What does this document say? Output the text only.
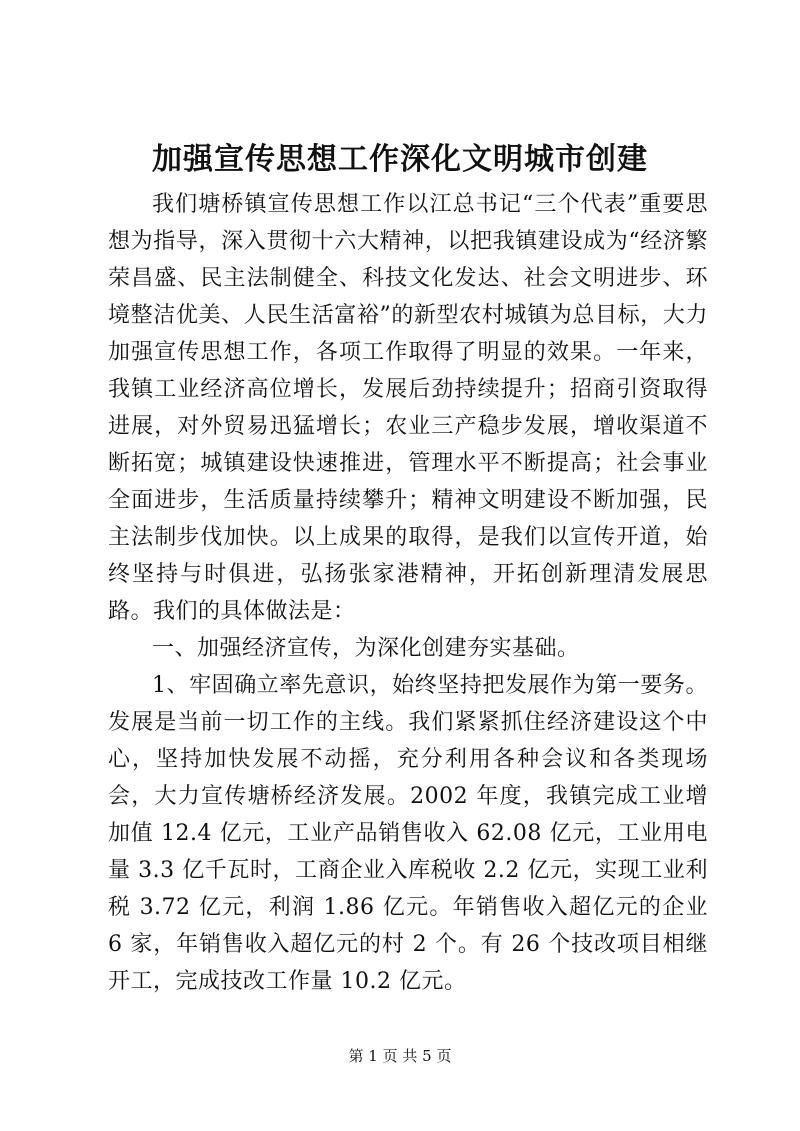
加强宣传思想工作深化文明城市创建

我们塘桥镇宣传思想工作以江总书记“三个代表”重要思想为指导，深入贯彻十六大精神，以把我镇建设成为“经济繁荣昌盛、民主法制健全、科技文化发达、社会文明进步、环境整洁优美、人民生活富裕”的新型农村城镇为总目标，大力加强宣传思想工作，各项工作取得了明显的效果。一年来，我镇工业经济高位增长，发展后劲持续提升；招商引资取得进展，对外贸易迅猛增长；农业三产稳步发展，增收渠道不断拓宽；城镇建设快速推进，管理水平不断提高；社会事业全面进步，生活质量持续攀升；精神文明建设不断加强，民主法制步伐加快。以上成果的取得，是我们以宣传开道，始终坚持与时俱进，弘扬张家港精神，开拓创新理清发展思路。我们的具体做法是：

一、加强经济宣传，为深化创建夯实基础。

1、牢固确立率先意识，始终坚持把发展作为第一要务。发展是当前一切工作的主线。我们紧紧抓住经济建设这个中心，坚持加快发展不动摇，充分利用各种会议和各类现场会，大力宣传塘桥经济发展。2002 年度，我镇完成工业增加值 12.4 亿元，工业产品销售收入 62.08 亿元，工业用电量 3.3 亿千瓦时，工商企业入库税收 2.2 亿元，实现工业利税 3.72 亿元，利润 1.86 亿元。年销售收入超亿元的企业 6 家，年销售收入超亿元的村 2 个。有 26 个技改项目相继开工，完成技改工作量 10.2 亿元。

第 1 页 共 5 页
